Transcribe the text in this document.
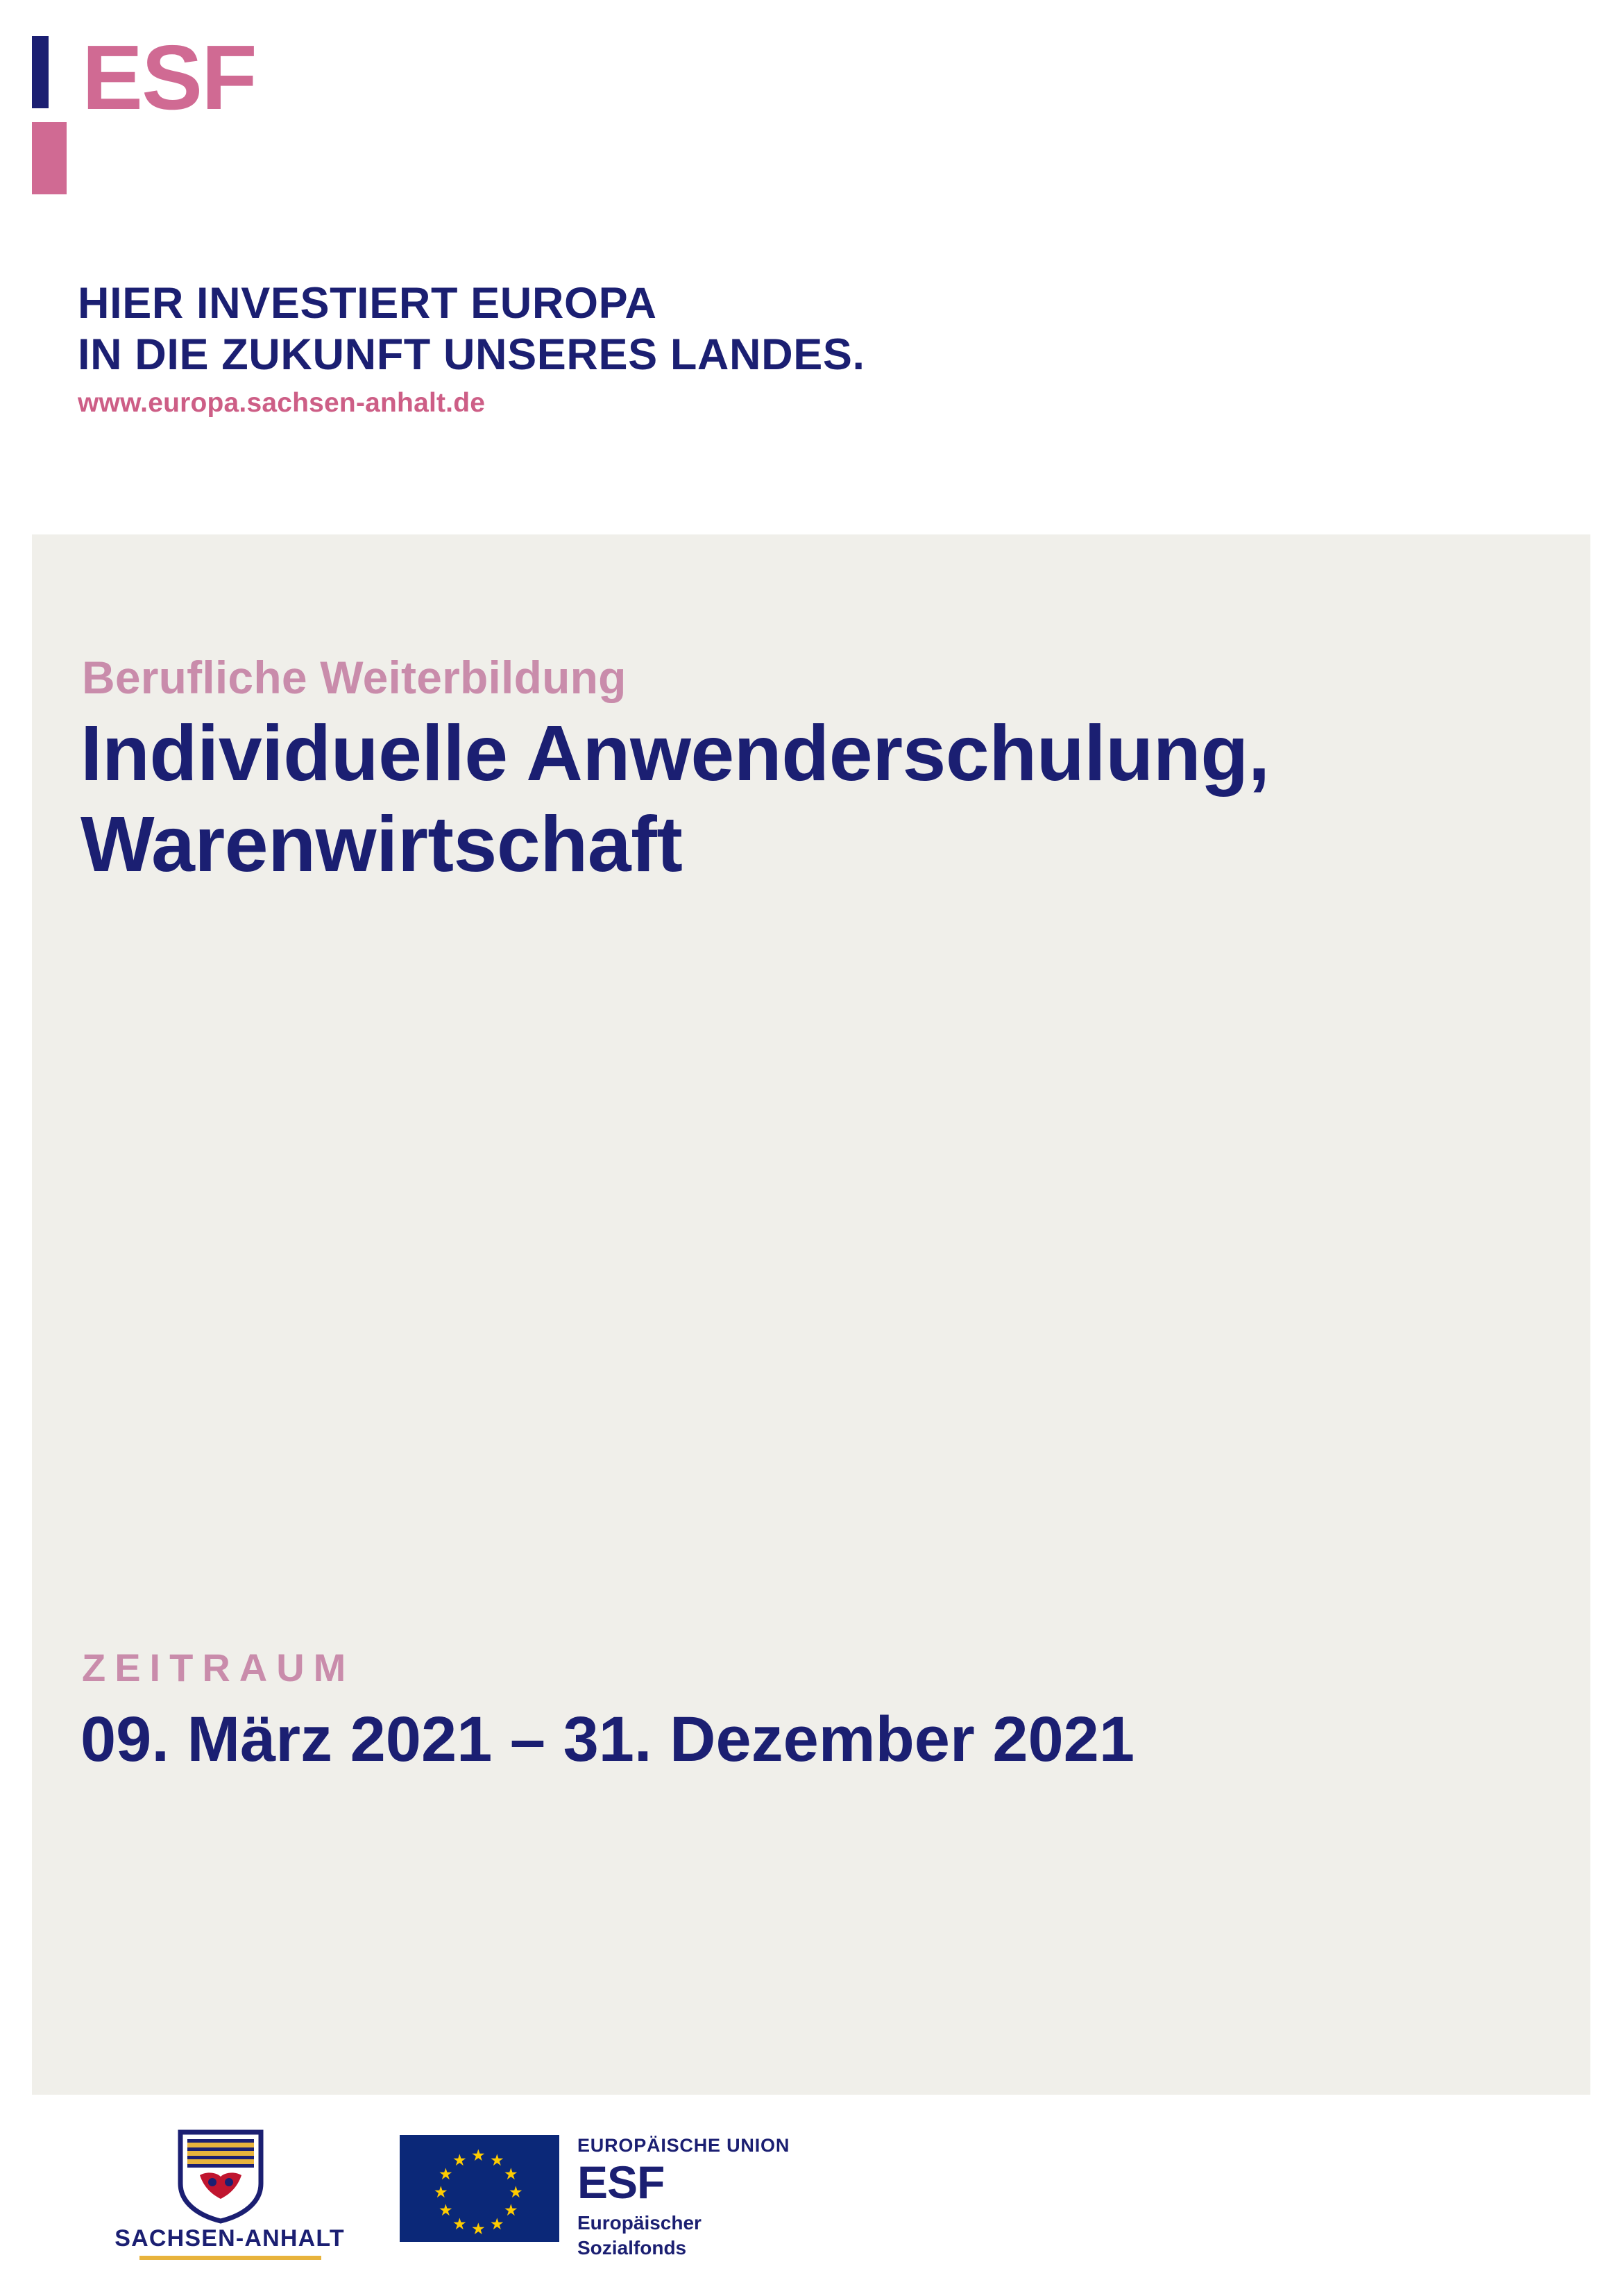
ESF
HIER INVESTIERT EUROPA
IN DIE ZUKUNFT UNSERES LANDES.
www.europa.sachsen-anhalt.de
Berufliche Weiterbildung
Individuelle Anwenderschulung, Warenwirtschaft
ZEITRAUM
09. März 2021 – 31. Dezember 2021
SACHSEN-ANHALT
★ ★
★
★
★
★
★
★
★
★
★
★
EUROPÄISCHE UNION
ESF
Europäischer
Sozialfonds
